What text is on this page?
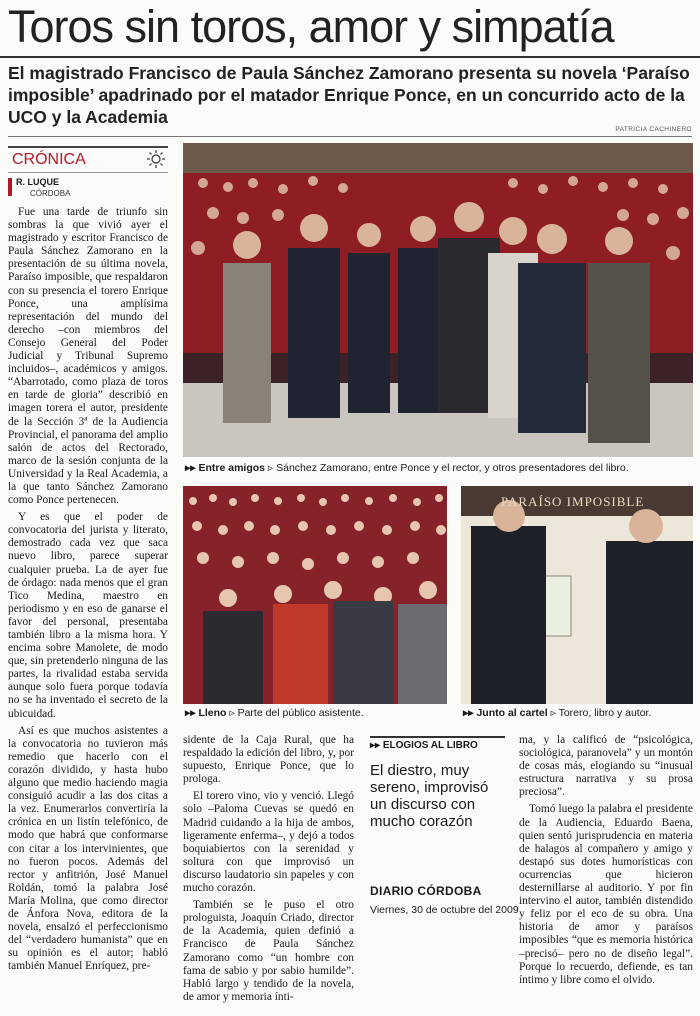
Toros sin toros, amor y simpatía
El magistrado Francisco de Paula Sánchez Zamorano presenta su novela ‘Paraíso imposible’ apadrinado por el matador Enrique Ponce, en un concurrido acto de la UCO y la Academia
PATRICIA CACHINERO
CRÓNICA
R. LUQUE
CÓRDOBA

Fue una tarde de triunfo sin sombras la que vivió ayer el magistrado y escritor Francisco de Paula Sánchez Zamorano en la presentación de su última novela, Paraíso imposible, que respaldaron con su presencia el torero Enrique Ponce, una amplísima representación del mundo del derecho –con miembros del Consejo General del Poder Judicial y Tribunal Supremo incluidos–, académicos y amigos. “Abarrotado, como plaza de toros en tarde de gloria” describió en imagen torera el autor, presidente de la Sección 3ª de la Audiencia Provincial, el panorama del amplio salón de actos del Rectorado, marco de la sesión conjunta de la Universidad y la Real Academia, a la que tanto Sánchez Zamorano como Ponce pertenecen.

Y es que el poder de convocatoria del jurista y literato, demostrado cada vez que saca nuevo libro, parece superar cualquier prueba. La de ayer fue de órdago: nada menos que el gran Tico Medina, maestro en periodismo y en eso de ganarse el favor del personal, presentaba también libro a la misma hora. Y encima sobre Manolete, de modo que, sin pretenderlo ninguna de las partes, la rivalidad estaba servida aunque solo fuera porque todavía no se ha inventado el secreto de la ubicuidad.

Así es que muchos asistentes a la convocatoria no tuvieron más remedio que hacerlo con el corazón dividido, y hasta hubo alguno que medio haciendo magia consiguió acudir a las dos citas a la vez. Enumerarlos convertiría la crónica en un listín telefónico, de modo que habrá que conformarse con citar a los intervinientes, que no fueron pocos. Además del rector y anfitrión, José Manuel Roldán, tomó la palabra José María Molina, que como director de Ánfora Nova, editora de la novela, ensalzó el perfeccionismo del “verdadero humanista” que en su opinión es el autor; habló también Manuel Enríquez, pre-

▸▸ Entre amigos ▹ Sánchez Zamorano, entre Ponce y el rector, y otros presentadores del libro.
▸▸ Lleno ▹ Parte del público asistente.
PARAÍSO IMPOSIBLE
▸▸ Junto al cartel ▹ Torero, libro y autor.

sidente de la Caja Rural, que ha respaldado la edición del libro, y, por supuesto, Enrique Ponce, que lo prologa.

El torero vino, vio y venció. Llegó solo –Paloma Cuevas se quedó en Madrid cuidando a la hija de ambos, ligeramente enferma–, y dejó a todos boquiabiertos con la serenidad y soltura con que improvisó un discurso laudatorio sin papeles y con mucho corazón.

También se le puso el otro prologuista, Joaquín Criado, director de la Academia, quien definió a Francisco de Paula Sánchez Zamorano como “un hombre con fama de sabio y por sabio humilde”. Habló largo y tendido de la novela, de amor y memoria ínti-

▸▸ ELOGIOS AL LIBRO
El diestro, muy sereno, improvisó un discurso con mucho corazón
DIARIO CÓRDOBA
Viernes, 30 de octubre del 2009

ma, y la calificó de “psicológica, sociológica, paranovela” y un montón de cosas más, elogiando su “inusual estructura narrativa y su prosa preciosa”.

Tomó luego la palabra el presidente de la Audiencia, Eduardo Baena, quien sentó jurisprudencia en materia de halagos al compañero y amigo y destapó sus dotes humorísticas con ocurrencias que hicieron desternillarse al auditorio. Y por fin intervino el autor, también distendido y feliz por el eco de su obra. Una historia de amor y paraísos imposibles “que es memoria histórica –precisó– pero no de diseño legal”. Porque lo recuerdo, defiende, es tan íntimo y libre como el olvido.
